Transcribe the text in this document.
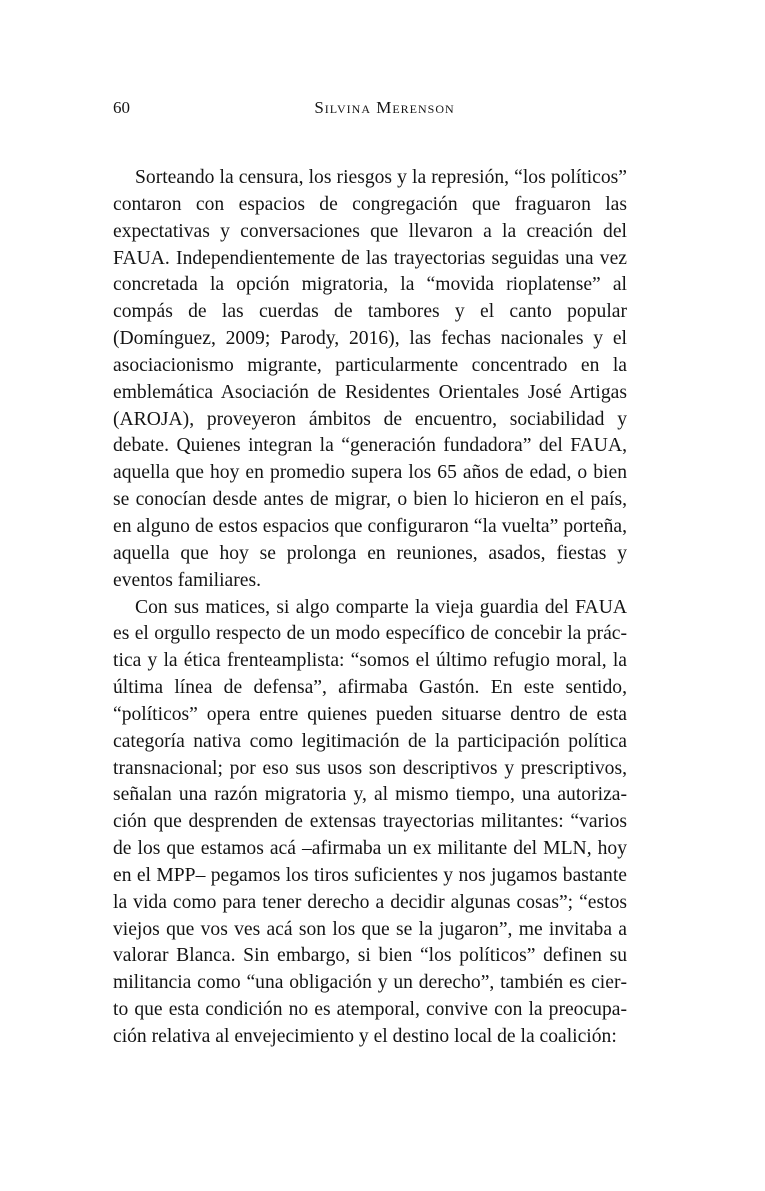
60	Silvina Merenson

Sorteando la censura, los riesgos y la represión, “los políticos” contaron con espacios de congregación que fraguaron las expectativas y conversaciones que llevaron a la creación del FAUA. Independientemente de las trayectorias seguidas una vez concretada la opción migratoria, la “movida rioplatense” al compás de las cuerdas de tambores y el canto popular (Domínguez, 2009; Parody, 2016), las fechas nacionales y el asociacionismo migrante, particularmente concentrado en la emblemática Asociación de Residentes Orientales José Artigas (AROJA), proveyeron ámbitos de encuentro, sociabilidad y debate. Quienes integran la “generación fundadora” del FAUA, aquella que hoy en promedio supera los 65 años de edad, o bien se conocían desde antes de migrar, o bien lo hicieron en el país, en alguno de estos espacios que configuraron “la vuelta” porteña, aquella que hoy se prolonga en reuniones, asados, fiestas y eventos familiares.

Con sus matices, si algo comparte la vieja guardia del FAUA es el orgullo respecto de un modo específico de concebir la práctica y la ética frenteamplista: “somos el último refugio moral, la última línea de defensa”, afirmaba Gastón. En este sentido, “políticos” opera entre quienes pueden situarse dentro de esta categoría nativa como legitimación de la participación política transnacional; por eso sus usos son descriptivos y prescriptivos, señalan una razón migratoria y, al mismo tiempo, una autorización que desprenden de extensas trayectorias militantes: “varios de los que estamos acá –afirmaba un ex militante del MLN, hoy en el MPP– pegamos los tiros suficientes y nos jugamos bastante la vida como para tener derecho a decidir algunas cosas”; “estos viejos que vos ves acá son los que se la jugaron”, me invitaba a valorar Blanca. Sin embargo, si bien “los políticos” definen su militancia como “una obligación y un derecho”, también es cierto que esta condición no es atemporal, convive con la preocupación relativa al envejecimiento y el destino local de la coalición:
